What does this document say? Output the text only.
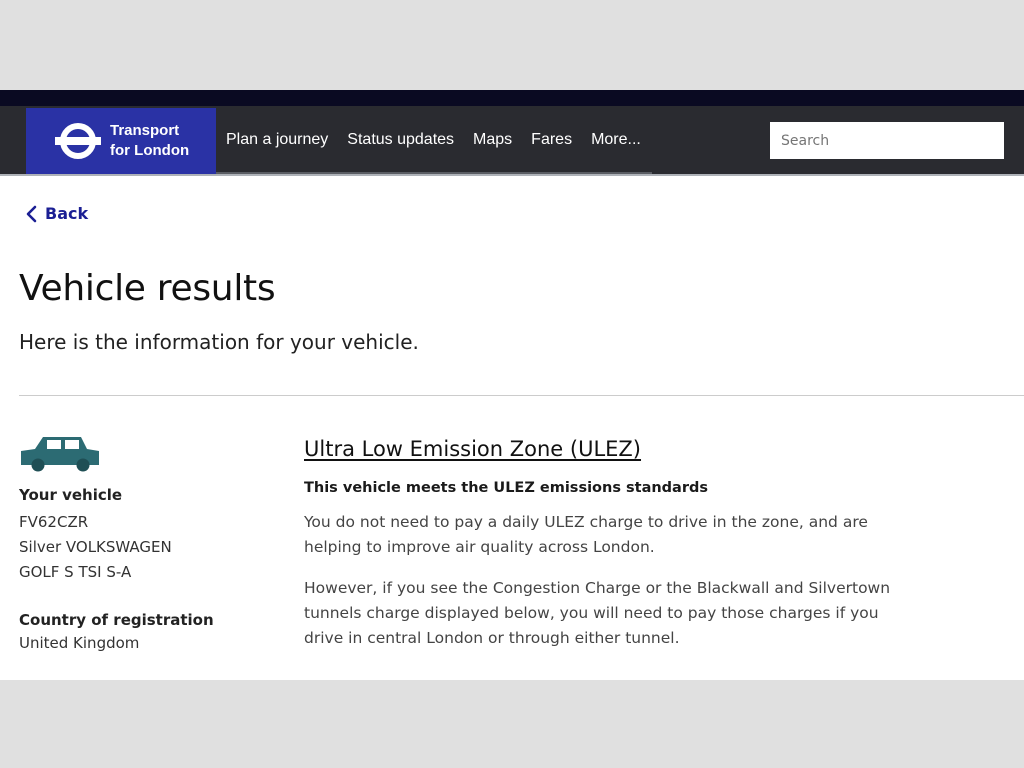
Transport
for London
Plan a journey Status updates Maps Fares More...
Search
Back
Vehicle results

Here is the information for your vehicle.

Your vehicle
FV62CZR
Silver VOLKSWAGEN
GOLF S TSI S-A
Country of registration
United Kingdom
Ultra Low Emission Zone (ULEZ)
This vehicle meets the ULEZ emissions standards

You do not need to pay a daily ULEZ charge to drive in the zone, and are helping to improve air quality across London.

However, if you see the Congestion Charge or the Blackwall and Silvertown tunnels charge displayed below, you will need to pay those charges if you drive in central London or through either tunnel.
